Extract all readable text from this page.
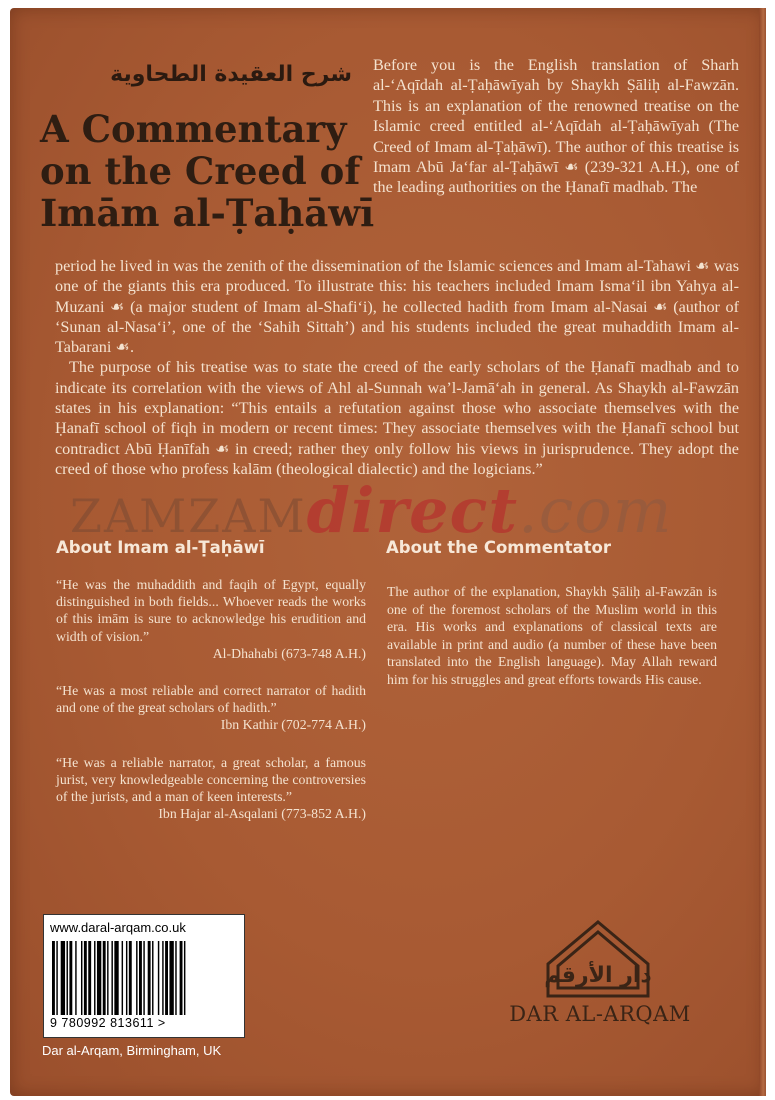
شرح العقيدة الطحاوية
A Commentary
on the Creed of
Imām al-Ṭaḥāwī

Before you is the English translation of Sharh al-‘Aqīdah al-Ṭaḥāwīyah by Shaykh Ṣāliḥ al-Fawzān. This is an explanation of the renowned treatise on the Islamic creed entitled al-‘Aqīdah al-Ṭaḥāwīyah (The Creed of Imam al-Ṭaḥāwī). The author of this treatise is Imam Abū Ja‘far al-Ṭaḥāwī ☙ (239-321 A.H.), one of the leading authorities on the Ḥanafī madhab. The

period he lived in was the zenith of the dissemination of the Islamic sciences and Imam al-Tahawi ☙ was one of the giants this era produced. To illustrate this: his teachers included Imam Isma‘il ibn Yahya al-Muzani ☙ (a major student of Imam al-Shafi‘i), he collected hadith from Imam al-Nasai ☙ (author of ‘Sunan al-Nasa‘i’, one of the ‘Sahih Sittah’) and his students included the great muhaddith Imam al-Tabarani ☙.

The purpose of his treatise was to state the creed of the early scholars of the Ḥanafī madhab and to indicate its correlation with the views of Ahl al-Sunnah wa’l-Jamā‘ah in general. As Shaykh al-Fawzān states in his explanation: “This entails a refutation against those who associate themselves with the Ḥanafī school of fiqh in modern or recent times: They associate themselves with the Ḥanafī school but contradict Abū Ḥanīfah ☙ in creed; rather they only follow his views in jurisprudence. They adopt the creed of those who profess kalām (theological dialectic) and the logicians.”

ZAMZAMdirect.com
About Imam al-Ṭaḥāwī	About the Commentator

“He was the muhaddith and faqih of Egypt, equally distinguished in both fields... Whoever reads the works of this imām is sure to acknowledge his erudition and width of vision.”

Al-Dhahabi (673-748 A.H.)

“He was a most reliable and correct narrator of hadith and one of the great scholars of hadith.”

Ibn Kathir (702-774 A.H.)

“He was a reliable narrator, a great scholar, a famous jurist, very knowledgeable concerning the controversies of the jurists, and a man of keen interests.”

Ibn Hajar al-Asqalani (773-852 A.H.)

The author of the explanation, Shaykh Ṣāliḥ al-Fawzān is one of the foremost scholars of the Muslim world in this era. His works and explanations of classical texts are available in print and audio (a number of these have been translated into the English language). May Allah reward him for his struggles and great efforts towards His cause.

www.daral-arqam.co.uk
9 780992 813611 >
Dar al-Arqam, Birmingham, UK
دار الأرقم
DAR AL-ARQAM
